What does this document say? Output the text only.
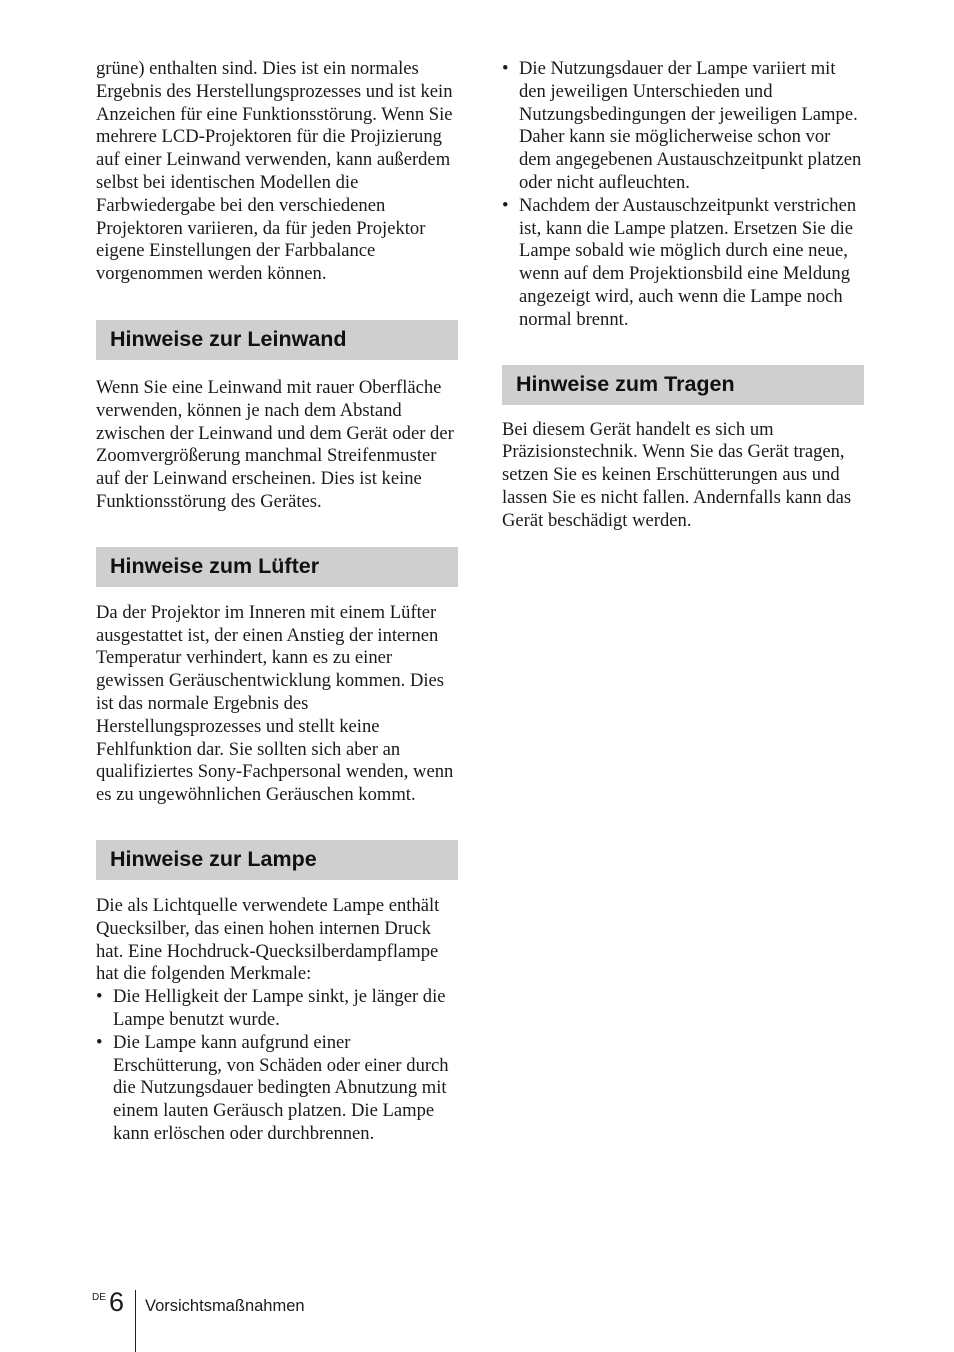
grüne) enthalten sind. Dies ist ein normales Ergebnis des Herstellungsprozesses und ist kein Anzeichen für eine Funktionsstörung. Wenn Sie mehrere LCD-Projektoren für die Projizierung auf einer Leinwand verwenden, kann außerdem selbst bei identischen Modellen die Farbwiedergabe bei den verschiedenen Projektoren variieren, da für jeden Projektor eigene Einstellungen der Farbbalance vorgenommen werden können.

Hinweise zur Leinwand

Wenn Sie eine Leinwand mit rauer Oberfläche verwenden, können je nach dem Abstand zwischen der Leinwand und dem Gerät oder der Zoomvergrößerung manchmal Streifenmuster auf der Leinwand erscheinen. Dies ist keine Funktionsstörung des Gerätes.

Hinweise zum Lüfter

Da der Projektor im Inneren mit einem Lüfter ausgestattet ist, der einen Anstieg der internen Temperatur verhindert, kann es zu einer gewissen Geräuschentwicklung kommen. Dies ist das normale Ergebnis des Herstellungsprozesses und stellt keine Fehlfunktion dar. Sie sollten sich aber an qualifiziertes Sony-Fachpersonal wenden, wenn es zu ungewöhnlichen Geräuschen kommt.

Hinweise zur Lampe

Die als Lichtquelle verwendete Lampe enthält Quecksilber, das einen hohen internen Druck hat. Eine Hochdruck-Quecksilberdampflampe hat die folgenden Merkmale:

• Die Helligkeit der Lampe sinkt, je länger die Lampe benutzt wurde.
• Die Lampe kann aufgrund einer Erschütterung, von Schäden oder einer durch die Nutzungsdauer bedingten Abnutzung mit einem lauten Geräusch platzen. Die Lampe kann erlöschen oder durchbrennen.
• Die Nutzungsdauer der Lampe variiert mit den jeweiligen Unterschieden und Nutzungsbedingungen der jeweiligen Lampe. Daher kann sie möglicherweise schon vor dem angegebenen Austauschzeitpunkt platzen oder nicht aufleuchten.
• Nachdem der Austauschzeitpunkt verstrichen ist, kann die Lampe platzen. Ersetzen Sie die Lampe sobald wie möglich durch eine neue, wenn auf dem Projektionsbild eine Meldung angezeigt wird, auch wenn die Lampe noch normal brennt.
Hinweise zum Tragen

Bei diesem Gerät handelt es sich um Präzisionstechnik. Wenn Sie das Gerät tragen, setzen Sie es keinen Erschütterungen aus und lassen Sie es nicht fallen. Andernfalls kann das Gerät beschädigt werden.

DE 6 Vorsichtsmaßnahmen
